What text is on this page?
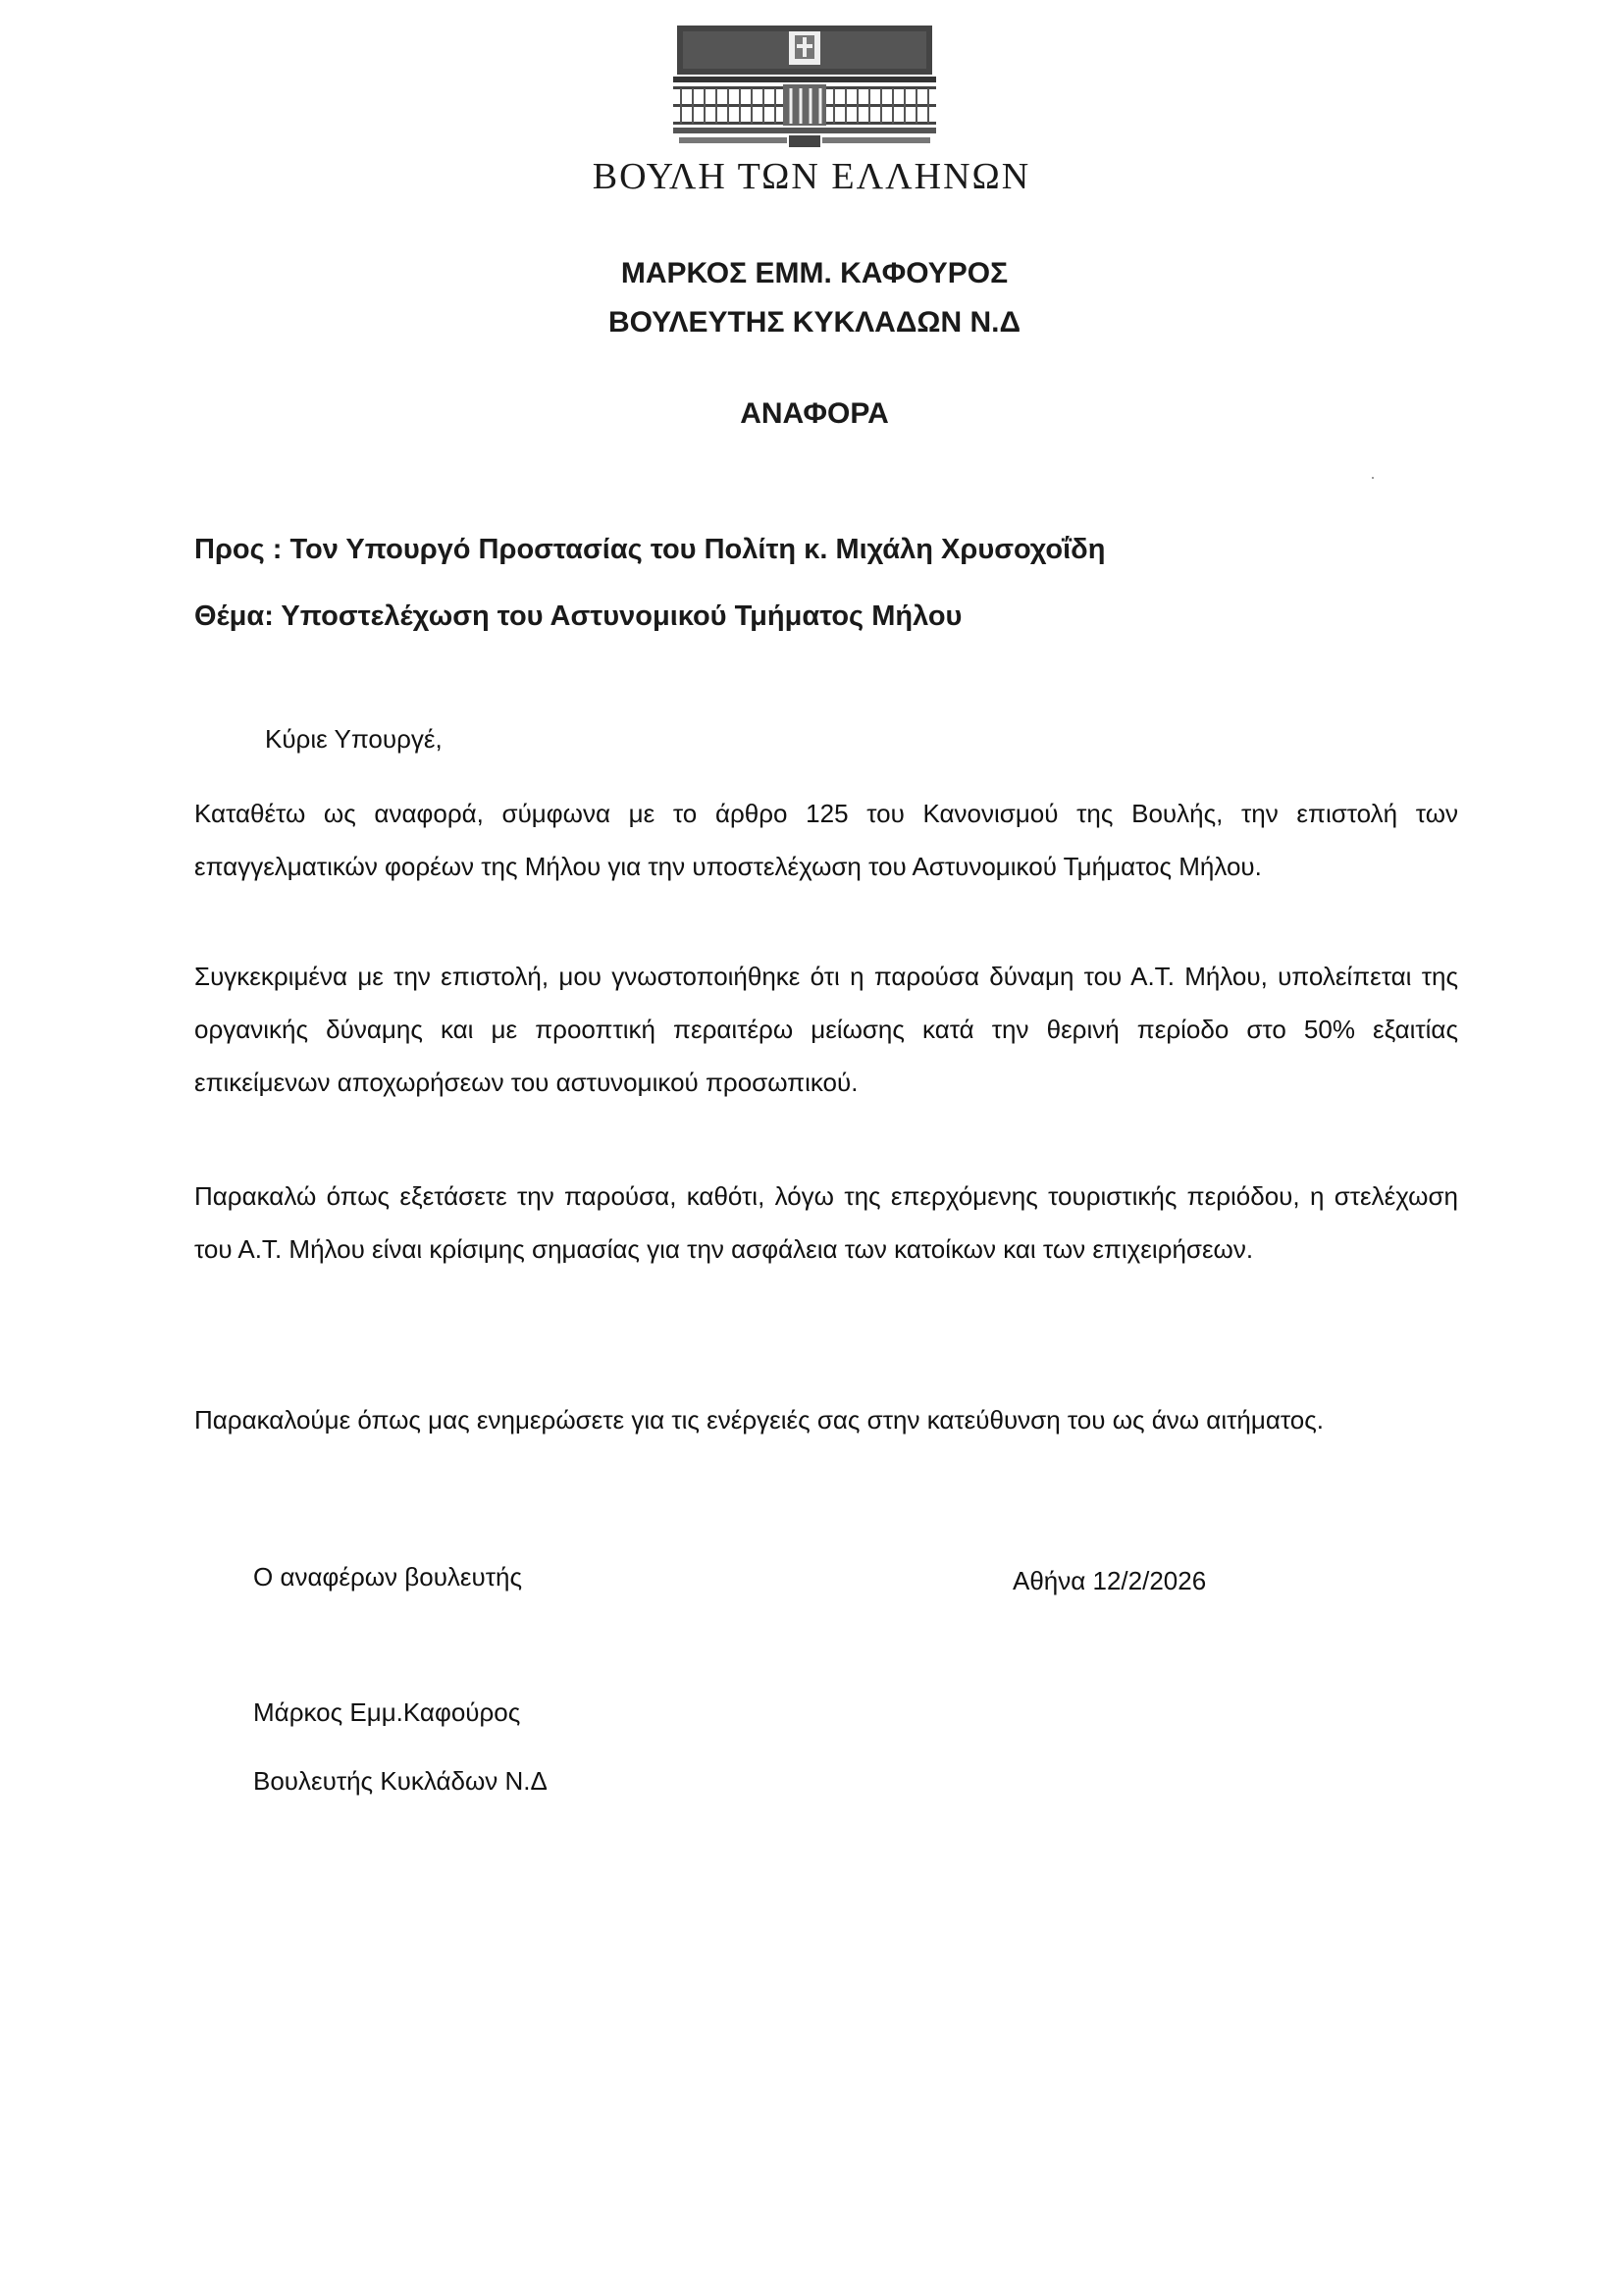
ΒΟΥΛΗ ΤΩΝ ΕΛΛΗΝΩΝ
ΜΑΡΚΟΣ ΕΜΜ. ΚΑΦΟΥΡΟΣ
ΒΟΥΛΕΥΤΗΣ ΚΥΚΛΑΔΩΝ Ν.Δ
ΑΝΑΦΟΡΑ
Προς : Τον Υπουργό Προστασίας του Πολίτη κ. Μιχάλη Χρυσοχοΐδη
Θέμα: Υποστελέχωση του Αστυνομικού Τμήματος Μήλου
Κύριε Υπουργέ,
Καταθέτω ως αναφορά, σύμφωνα με το άρθρο 125 του Κανονισμού της Βουλής, την επιστολή των επαγγελματικών φορέων της Μήλου για την υποστελέχωση του Αστυνομικού Τμήματος Μήλου.
Συγκεκριμένα με την επιστολή, μου γνωστοποιήθηκε ότι η παρούσα δύναμη του Α.Τ. Μήλου, υπολείπεται της οργανικής δύναμης και με προοπτική περαιτέρω μείωσης κατά την θερινή περίοδο στο 50% εξαιτίας επικείμενων αποχωρήσεων του αστυνομικού προσωπικού.
Παρακαλώ όπως εξετάσετε την παρούσα, καθότι, λόγω της επερχόμενης τουριστικής περιόδου, η στελέχωση του Α.Τ. Μήλου είναι κρίσιμης σημασίας για την ασφάλεια των κατοίκων και των επιχειρήσεων.
Παρακαλούμε όπως μας ενημερώσετε για τις ενέργειές σας στην κατεύθυνση του ως άνω αιτήματος.
Ο αναφέρων βουλευτής	Αθήνα 12/2/2026
Μάρκος Εμμ.Καφούρος
Βουλευτής Κυκλάδων Ν.Δ
